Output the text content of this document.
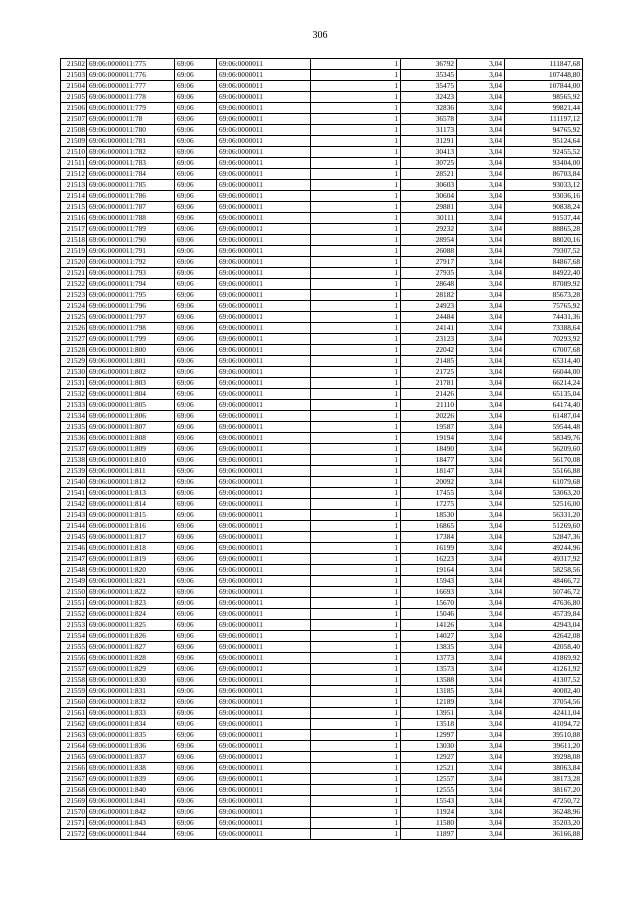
306
21502	69:06:0000011:775	69:06	69:06:0000011	1	36792	3,04	111847,68
21503	69:06:0000011:776	69:06	69:06:0000011	1	35345	3,04	107448,80
21504	69:06:0000011:777	69:06	69:06:0000011	1	35475	3,04	107844,00
21505	69:06:0000011:778	69:06	69:06:0000011	1	32423	3,04	98565,92
21506	69:06:0000011:779	69:06	69:06:0000011	1	32836	3,04	99821,44
21507	69:06:0000011:78	69:06	69:06:0000011	1	36578	3,04	111197,12
21508	69:06:0000011:780	69:06	69:06:0000011	1	31173	3,04	94765,92
21509	69:06:0000011:781	69:06	69:06:0000011	1	31291	3,04	95124,64
21510	69:06:0000011:782	69:06	69:06:0000011	1	30413	3,04	92455,52
21511	69:06:0000011:783	69:06	69:06:0000011	1	30725	3,04	93404,00
21512	69:06:0000011:784	69:06	69:06:0000011	1	28521	3,04	86703,84
21513	69:06:0000011:785	69:06	69:06:0000011	1	30603	3,04	93033,12
21514	69:06:0000011:786	69:06	69:06:0000011	1	30604	3,04	93036,16
21515	69:06:0000011:787	69:06	69:06:0000011	1	29881	3,04	90838,24
21516	69:06:0000011:788	69:06	69:06:0000011	1	30111	3,04	91537,44
21517	69:06:0000011:789	69:06	69:06:0000011	1	29232	3,04	88865,28
21518	69:06:0000011:790	69:06	69:06:0000011	1	28954	3,04	88020,16
21519	69:06:0000011:791	69:06	69:06:0000011	1	26088	3,04	79307,52
21520	69:06:0000011:792	69:06	69:06:0000011	1	27917	3,04	84867,68
21521	69:06:0000011:793	69:06	69:06:0000011	1	27935	3,04	84922,40
21522	69:06:0000011:794	69:06	69:06:0000011	1	28648	3,04	87089,92
21523	69:06:0000011:795	69:06	69:06:0000011	1	28182	3,04	85673,28
21524	69:06:0000011:796	69:06	69:06:0000011	1	24923	3,04	75765,92
21525	69:06:0000011:797	69:06	69:06:0000011	1	24484	3,04	74431,36
21526	69:06:0000011:798	69:06	69:06:0000011	1	24141	3,04	73388,64
21527	69:06:0000011:799	69:06	69:06:0000011	1	23123	3,04	70293,92
21528	69:06:0000011:800	69:06	69:06:0000011	1	22042	3,04	67007,68
21529	69:06:0000011:801	69:06	69:06:0000011	1	21485	3,04	65314,40
21530	69:06:0000011:802	69:06	69:06:0000011	1	21725	3,04	66044,00
21531	69:06:0000011:803	69:06	69:06:0000011	1	21781	3,04	66214,24
21532	69:06:0000011:804	69:06	69:06:0000011	1	21426	3,04	65135,04
21533	69:06:0000011:805	69:06	69:06:0000011	1	21110	3,04	64174,40
21534	69:06:0000011:806	69:06	69:06:0000011	1	20226	3,04	61487,04
21535	69:06:0000011:807	69:06	69:06:0000011	1	19587	3,04	59544,48
21536	69:06:0000011:808	69:06	69:06:0000011	1	19194	3,04	58349,76
21537	69:06:0000011:809	69:06	69:06:0000011	1	18490	3,04	56209,60
21538	69:06:0000011:810	69:06	69:06:0000011	1	18477	3,04	56170,08
21539	69:06:0000011:811	69:06	69:06:0000011	1	18147	3,04	55166,88
21540	69:06:0000011:812	69:06	69:06:0000011	1	20092	3,04	61079,68
21541	69:06:0000011:813	69:06	69:06:0000011	1	17455	3,04	53063,20
21542	69:06:0000011:814	69:06	69:06:0000011	1	17275	3,04	52516,00
21543	69:06:0000011:815	69:06	69:06:0000011	1	18530	3,04	56331,20
21544	69:06:0000011:816	69:06	69:06:0000011	1	16865	3,04	51269,60
21545	69:06:0000011:817	69:06	69:06:0000011	1	17384	3,04	52847,36
21546	69:06:0000011:818	69:06	69:06:0000011	1	16199	3,04	49244,96
21547	69:06:0000011:819	69:06	69:06:0000011	1	16223	3,04	49317,92
21548	69:06:0000011:820	69:06	69:06:0000011	1	19164	3,04	58258,56
21549	69:06:0000011:821	69:06	69:06:0000011	1	15943	3,04	48466,72
21550	69:06:0000011:822	69:06	69:06:0000011	1	16693	3,04	50746,72
21551	69:06:0000011:823	69:06	69:06:0000011	1	15670	3,04	47636,80
21552	69:06:0000011:824	69:06	69:06:0000011	1	15046	3,04	45739,84
21553	69:06:0000011:825	69:06	69:06:0000011	1	14126	3,04	42943,04
21554	69:06:0000011:826	69:06	69:06:0000011	1	14027	3,04	42642,08
21555	69:06:0000011:827	69:06	69:06:0000011	1	13835	3,04	42058,40
21556	69:06:0000011:828	69:06	69:06:0000011	1	13773	3,04	41869,92
21557	69:06:0000011:829	69:06	69:06:0000011	1	13573	3,04	41261,92
21558	69:06:0000011:830	69:06	69:06:0000011	1	13588	3,04	41307,52
21559	69:06:0000011:831	69:06	69:06:0000011	1	13185	3,04	40082,40
21560	69:06:0000011:832	69:06	69:06:0000011	1	12189	3,04	37054,56
21561	69:06:0000011:833	69:06	69:06:0000011	1	13951	3,04	42411,04
21562	69:06:0000011:834	69:06	69:06:0000011	1	13518	3,04	41094,72
21563	69:06:0000011:835	69:06	69:06:0000011	1	12997	3,04	39510,88
21564	69:06:0000011:836	69:06	69:06:0000011	1	13030	3,04	39611,20
21565	69:06:0000011:837	69:06	69:06:0000011	1	12927	3,04	39298,08
21566	69:06:0000011:838	69:06	69:06:0000011	1	12521	3,04	38063,84
21567	69:06:0000011:839	69:06	69:06:0000011	1	12557	3,04	38173,28
21568	69:06:0000011:840	69:06	69:06:0000011	1	12555	3,04	38167,20
21569	69:06:0000011:841	69:06	69:06:0000011	1	15543	3,04	47250,72
21570	69:06:0000011:842	69:06	69:06:0000011	1	11924	3,04	36248,96
21571	69:06:0000011:843	69:06	69:06:0000011	1	11580	3,04	35203,20
21572	69:06:0000011:844	69:06	69:06:0000011	1	11897	3,04	36166,88
